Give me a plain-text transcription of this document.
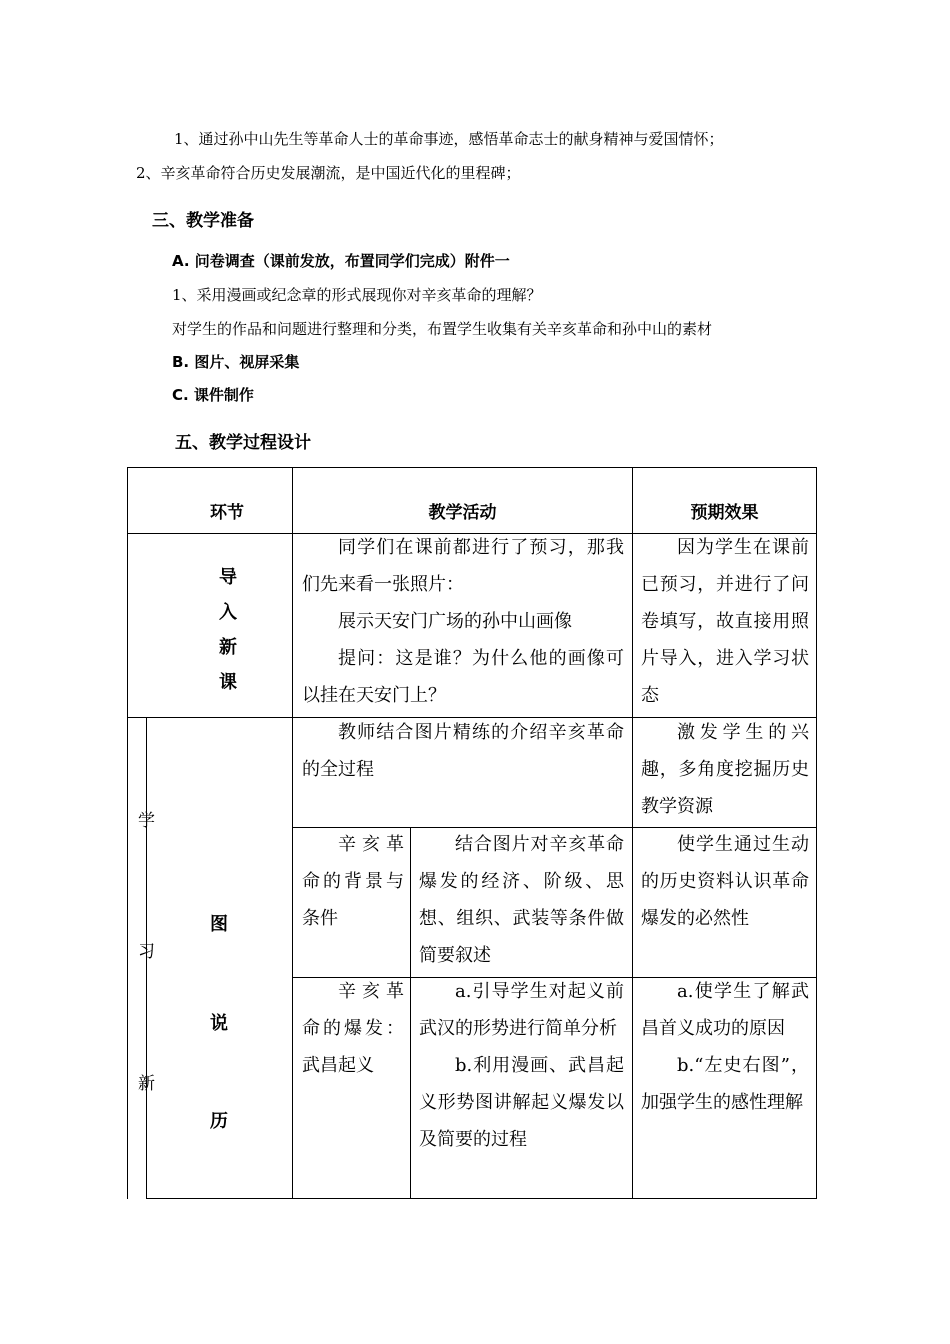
1、通过孙中山先生等革命人士的革命事迹，感悟革命志士的献身精神与爱国情怀；
2、辛亥革命符合历史发展潮流，是中国近代化的里程碑；
三、教学准备
A. 问卷调查（课前发放，布置同学们完成）附件一
1、采用漫画或纪念章的形式展现你对辛亥革命的理解？
对学生的作品和问题进行整理和分类，布置学生收集有关辛亥革命和孙中山的素材
B. 图片、视屏采集
C. 课件制作
五、教学过程设计
环节	教学活动	预期效果
导
入
新
课

同学们在课前都进行了预习，那我们先来看一张照片：

展示天安门广场的孙中山画像

提问：这是谁？为什么他的画像可以挂在天安门上？

因为学生在课前已预习，并进行了问卷填写，故直接用照片导入，进入学习状态

学
习
新
图
说
历

教师结合图片精练的介绍辛亥革命的全过程

激发学生的兴趣，多角度挖掘历史教学资源

辛亥革命的背景与条件

结合图片对辛亥革命爆发的经济、阶级、思想、组织、武装等条件做简要叙述

使学生通过生动的历史资料认识革命爆发的必然性

辛亥革命的爆发：武昌起义

a.引导学生对起义前武汉的形势进行简单分析

b.利用漫画、武昌起义形势图讲解起义爆发以及简要的过程

a.使学生了解武昌首义成功的原因

b.“左史右图”，加强学生的感性理解
